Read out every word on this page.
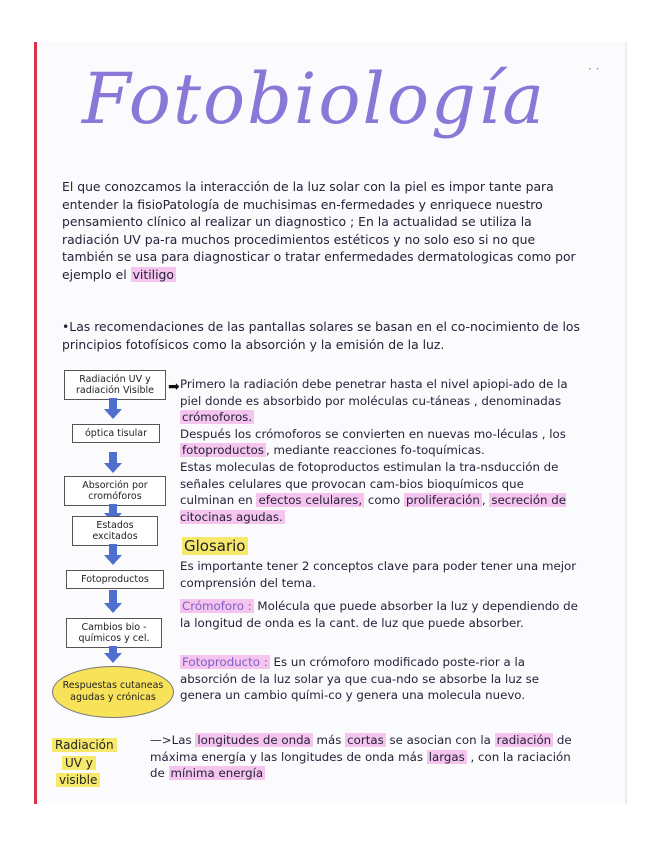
· ·
Fotobiología
El que conozcamos la interacción de la luz solar con la piel es impor tante para entender la fisioPatología de muchisimas en-fermedades y enriquece nuestro pensamiento clínico al realizar un diagnostico ; En la actualidad se utiliza la radiación UV pa-ra muchos procedimientos estéticos y no solo eso si no que también se usa para diagnosticar o tratar enfermedades dermatologicas como por ejemplo el vitiligo
•Las recomendaciones de las pantallas solares se basan en el co-nocimiento de los principios fotofísicos como la absorción y la emisión de la luz.
Radiación UV y radiación Visible
óptica tisular
Absorción por cromóforos
Estados excitados
Fotoproductos
Cambios bio - químicos y cel.
Respuestas cutaneas agudas y crónicas
➡ Primero la radiación debe penetrar hasta el nivel apiopi-ado de la piel donde es absorbido por moléculas cu-táneas , denominadas crómoforos.
Después los crómoforos se convierten en nuevas mo-léculas , los fotoproductos , mediante reacciones fo-toquímicas.
Estas moleculas de fotoproductos estimulan la tra-nsducción de señales celulares que provocan cam-bios bioquímicos que culminan en efectos celulares, como proliferación , secreción de citocinas agudas.
Glosario
Es importante tener 2 conceptos clave para poder tener una mejor comprensión del tema.
Crómoforo : Molécula que puede absorber la luz y dependiendo de la longitud de onda es la cant. de luz que puede absorber.
Fotoproducto : Es un crómoforo modificado poste-rior a la absorción de la luz solar ya que cua-ndo se absorbe la luz se genera un cambio quími-co y genera una molecula nuevo.
Radiación
UV y
visible
—>Las longitudes de onda más cortas se asocian con la radiación de máxima energía y las longitudes de onda más largas , con la raciación de mínima energía
